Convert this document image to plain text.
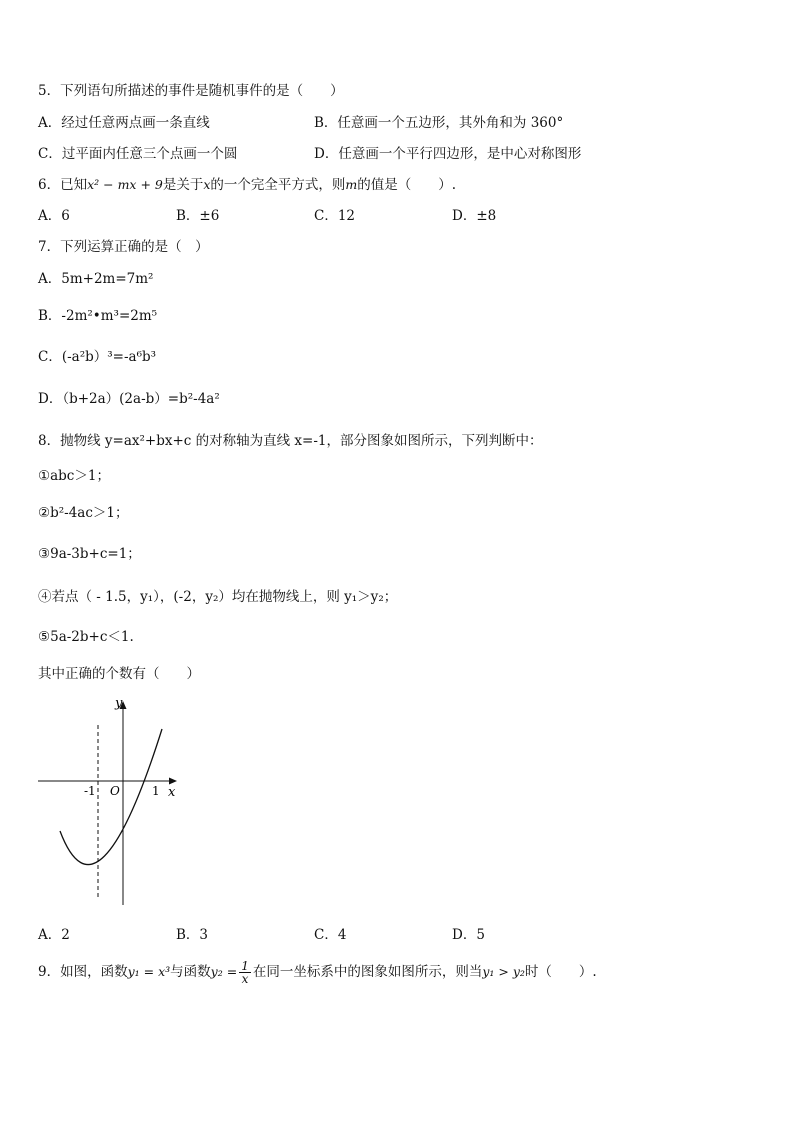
5．下列语句所描述的事件是随机事件的是（　　）
A．经过任意两点画一条直线	B．任意画一个五边形，其外角和为 360°
C．过平面内任意三个点画一个圆	D．任意画一个平行四边形，是中心对称图形
6．已知x² − mx + 9是关于x的一个完全平方式，则m的值是（　　）.
A．6	B．±6	C．12	D．±8
7．下列运算正确的是（　）
A．5m+2m=7m²
B．-2m²•m³=2m⁵
C．(-a²b）³=-a⁶b³
D．（b+2a）(2a-b）=b²-4a²
8．抛物线 y=ax²+bx+c 的对称轴为直线 x=-1，部分图象如图所示，下列判断中：
①abc＞1；
②b²-4ac＞1；
③9a-3b+c=1；
④若点（ - 1.5，y₁），(-2，y₂）均在抛物线上，则 y₁＞y₂；
⑤5a-2b+c＜1.
其中正确的个数有（　　）
y
x
O
-1	1
A．2	B．3	C．4	D．5
9．如图，函数y₁ = x³与函数$y_2 = \frac{1}{x}$ 在同一坐标系中的图象如图所示，则当y₁ > y₂时（　　）.
